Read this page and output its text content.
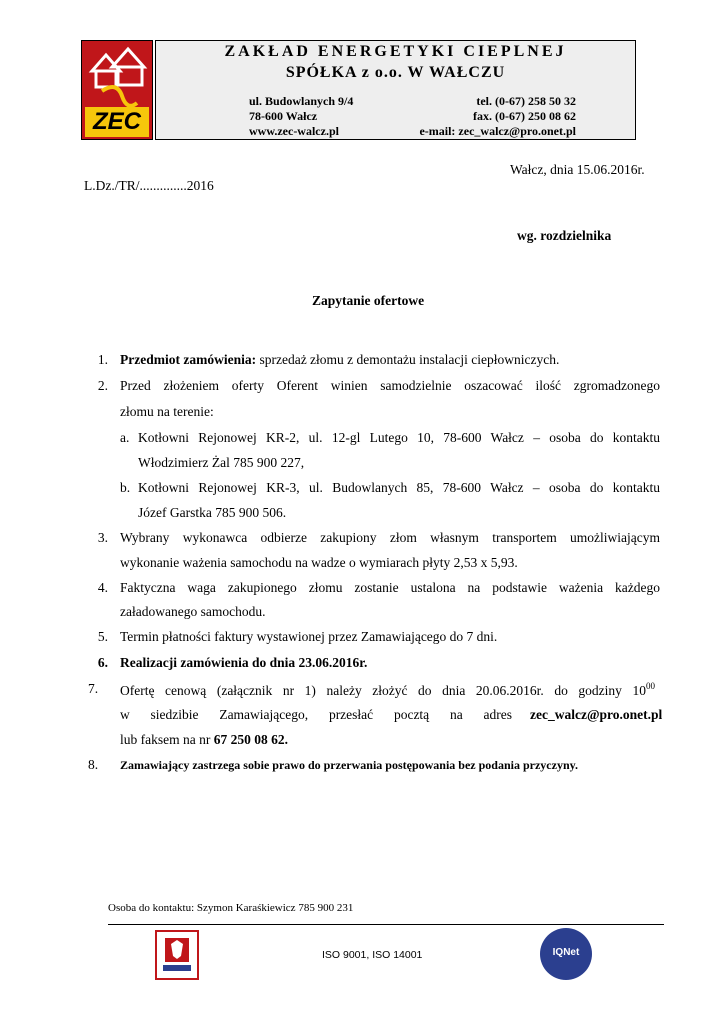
ZEC
ZAKŁAD ENERGETYKI CIEPLNEJ
SPÓŁKA z o.o. W WAŁCZU
ul. Budowlanych 9/4
78-600 Wałcz
www.zec-walcz.pl
tel. (0-67) 258 50 32
fax. (0-67) 250 08 62
e-mail: zec_walcz@pro.onet.pl
Wałcz, dnia 15.06.2016r.
L.Dz./TR/..............2016
wg. rozdzielnika
Zapytanie ofertowe
1. Przedmiot zamówienia: sprzedaż złomu z demontażu instalacji ciepłowniczych.
2. Przed złożeniem oferty Oferent winien samodzielnie oszacować ilość zgromadzonego
złomu na terenie:
a. Kotłowni Rejonowej KR-2, ul. 12-gl Lutego 10, 78-600 Wałcz – osoba do kontaktu
Włodzimierz Żal 785 900 227,
b. Kotłowni Rejonowej KR-3, ul. Budowlanych 85, 78-600 Wałcz – osoba do kontaktu
Józef Garstka 785 900 506.
3. Wybrany wykonawca odbierze zakupiony złom własnym transportem umożliwiającym
wykonanie ważenia samochodu na wadze o wymiarach płyty 2,53 x 5,93.
4. Faktyczna waga zakupionego złomu zostanie ustalona na podstawie ważenia każdego
załadowanego samochodu.
5. Termin płatności faktury wystawionej przez Zamawiającego do 7 dni.
6. Realizacji zamówienia do dnia 23.06.2016r.
7. Ofertę cenową (załącznik nr 1) należy złożyć do dnia 20.06.2016r. do godziny $10^{00}$
w siedzibie Zamawiającego, przesłać pocztą na adres zec_walcz@pro.onet.pl
lub faksem na nr 67 250 08 62.
8. Zamawiający zastrzega sobie prawo do przerwania postępowania bez podania przyczyny.
Osoba do kontaktu: Szymon Karaśkiewicz 785 900 231
ISO 9001, ISO 14001	IQNet
